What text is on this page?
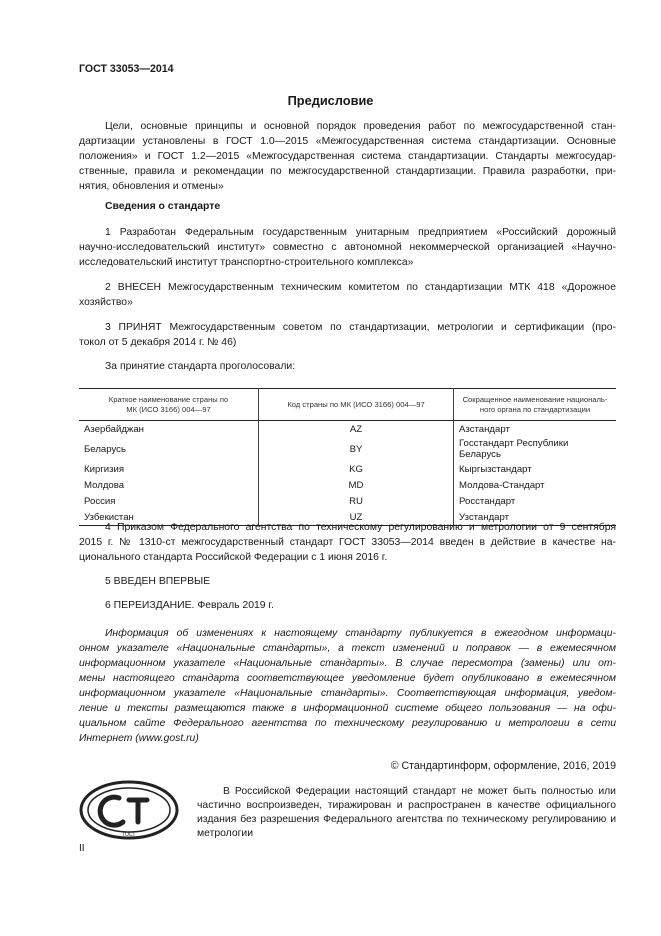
ГОСТ 33053—2014
Предисловие
Цели, основные принципы и основной порядок проведения работ по межгосударственной стан-
дартизации установлены в ГОСТ 1.0—2015 «Межгосударственная система стандартизации. Основные
положения» и ГОСТ 1.2—2015 «Межгосударственная система стандартизации. Стандарты межгосудар-
ственные, правила и рекомендации по межгосударственной стандартизации. Правила разработки, при-
нятия, обновления и отмены»
Сведения о стандарте
1 Разработан Федеральным государственным унитарным предприятием «Российский дорожный
научно-исследовательский институт» совместно с автономной некоммерческой организацией «Научно-
исследовательский институт транспортно-строительного комплекса»
2 ВНЕСЕН Межгосударственным техническим комитетом по стандартизации МТК 418 «Дорожное
хозяйство»
3 ПРИНЯТ Межгосударственным советом по стандартизации, метрологии и сертификации (про-
токол от 5 декабря 2014 г. № 46)
За принятие стандарта проголосовали:
Краткое наименование страны по
МК (ИСО 3166) 004—97	Код страны по МК (ИСО 3166) 004—97	Сокращенное наименование националь-
ного органа по стандартизации
Азербайджан	AZ	Азстандарт
Беларусь	BY	Госстандарт Республики Беларусь
Киргизия	KG	Кыргызстандарт
Молдова	MD	Молдова-Стандарт
Россия	RU	Росстандарт
Узбекистан	UZ	Узстандарт
4 Приказом Федерального агентства по техническому регулированию и метрологии от 9 сентября
2015 г. № 1310-ст межгосударственный стандарт ГОСТ 33053—2014 введен в действие в качестве на-
ционального стандарта Российской Федерации с 1 июня 2016 г.
5 ВВЕДЕН ВПЕРВЫЕ
6 ПЕРЕИЗДАНИЕ. Февраль 2019 г.
Информация об изменениях к настоящему стандарту публикуется в ежегодном информаци-
онном указателе «Национальные стандарты», а текст изменений и поправок — в ежемесячном
информационном указателе «Национальные стандарты». В случае пересмотра (замены) или от-
мены настоящего стандарта соответствующее уведомление будет опубликовано в ежемесячном
информационном указателе «Национальные стандарты». Соответствующая информация, уведом-
ление и тексты размещаются также в информационной системе общего пользования — на офи-
циальном сайте Федерального агентства по техническому регулированию и метрологии в сети
Интернет (www.gost.ru)
© Стандартинформ, оформление, 2016, 2019
ГОСТ
В Российской Федерации настоящий стандарт не может быть полностью или
частично воспроизведен, тиражирован и распространен в качестве официального
издания без разрешения Федерального агентства по техническому регулированию и
метрологии
II
